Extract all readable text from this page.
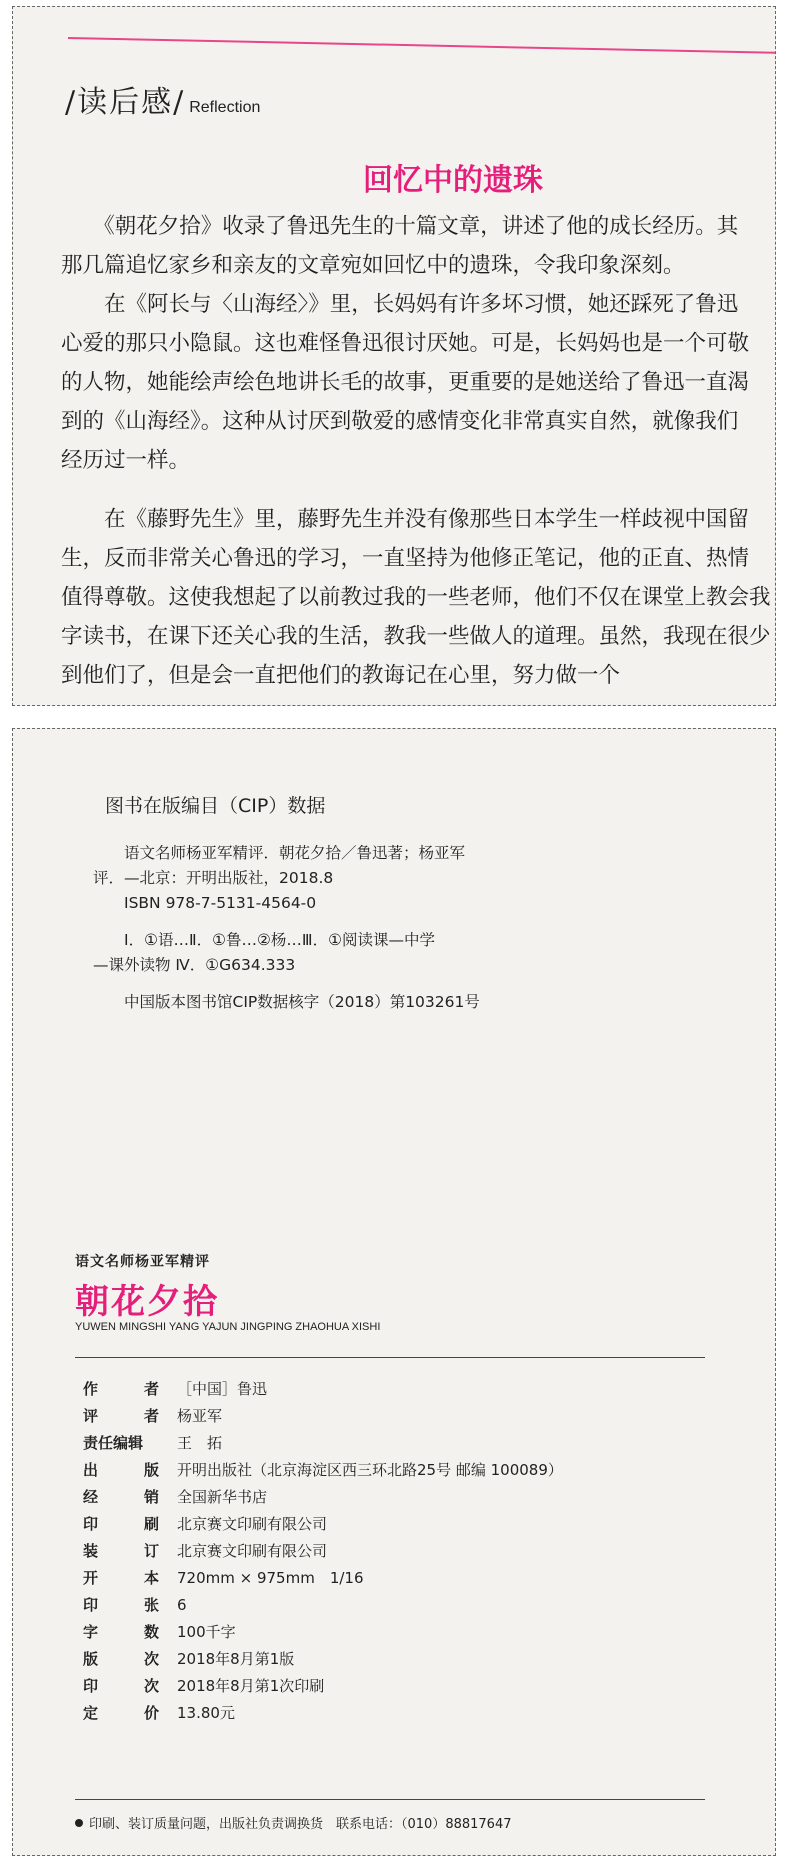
/读后感/ Reflection
回忆中的遗珠
　　《朝花夕拾》收录了鲁迅先生的十篇文章，讲述了他的成长经历。其
那几篇追忆家乡和亲友的文章宛如回忆中的遗珠，令我印象深刻。
　　在《阿长与〈山海经〉》里，长妈妈有许多坏习惯，她还踩死了鲁迅
心爱的那只小隐鼠。这也难怪鲁迅很讨厌她。可是，长妈妈也是一个可敬
的人物，她能绘声绘色地讲长毛的故事，更重要的是她送给了鲁迅一直渴
到的《山海经》。这种从讨厌到敬爱的感情变化非常真实自然，就像我们
经历过一样。
　　在《藤野先生》里，藤野先生并没有像那些日本学生一样歧视中国留
生，反而非常关心鲁迅的学习，一直坚持为他修正笔记，他的正直、热情
值得尊敬。这使我想起了以前教过我的一些老师，他们不仅在课堂上教会我
字读书，在课下还关心我的生活，教我一些做人的道理。虽然，我现在很少
到他们了，但是会一直把他们的教诲记在心里，努力做一个
图书在版编目（CIP）数据
　　语文名师杨亚军精评．朝花夕拾／鲁迅著；杨亚军
评．—北京：开明出版社，2018.8
　　ISBN 978-7-5131-4564-0
　　Ⅰ．①语…Ⅱ．①鲁…②杨…Ⅲ．①阅读课—中学
—课外读物 Ⅳ．①G634.333
　　中国版本图书馆CIP数据核字（2018）第103261号
语文名师杨亚军精评
朝花夕拾
YUWEN MINGSHI YANG YAJUN JINGPING ZHAOHUA XISHI
作	者 ［中国］鲁迅
评	者 杨亚军
责任编辑 王　拓
出	版 开明出版社（北京海淀区西三环北路25号 邮编 100089）
经	销 全国新华书店
印	刷 北京赛文印刷有限公司
装	订 北京赛文印刷有限公司
开	本 720mm × 975mm　1/16
印	张 6
字	数 100千字
版	次 2018年8月第1版
印	次 2018年8月第1次印刷
定	价 13.80元
印刷、装订质量问题，出版社负责调换货　联系电话：（010）88817647
